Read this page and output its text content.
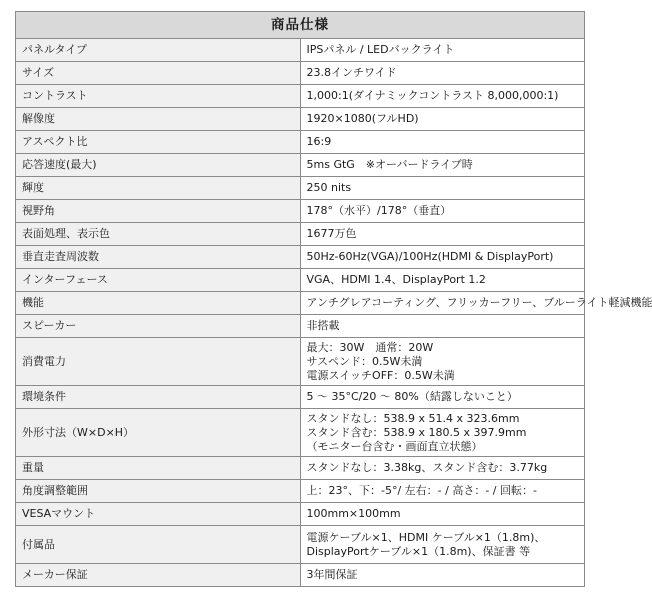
商品仕様	
パネルタイプ	IPSパネル / LEDバックライト

サイズ	23.8インチワイド

コントラスト	1,000:1(ダイナミックコントラスト 8,000,000:1)

解像度	1920×1080(フルHD)

アスペクト比	16:9

応答速度(最大)	5ms GtG　※オーバードライブ時

輝度	250 nits

視野角	178°（水平）/178°（垂直）

表面処理、表示色	1677万色

垂直走査周波数	50Hz-60Hz(VGA)/100Hz(HDMI & DisplayPort)

インターフェース	VGA、HDMI 1.4、DisplayPort 1.2

機能	アンチグレアコーティング、フリッカーフリー、ブルーライト軽減機能

スピーカー	非搭載

消費電力	最大：30W　通常：20W
サスペンド：0.5W未満
電源スイッチOFF：0.5W未満

環境条件	5 ～ 35°C/20 ～ 80%（結露しないこと）

外形寸法（W×D×H）	スタンドなし：538.9 x 51.4 x 323.6mm
スタンド含む：538.9 x 180.5 x 397.9mm
（モニター台含む・画面直立状態）

重量	スタンドなし：3.38kg、スタンド含む：3.77kg

角度調整範囲	上：23°、下：-5°/ 左右：- / 高さ：- / 回転：-

VESAマウント	100mm×100mm

付属品	電源ケーブル×1、HDMI ケーブル×1（1.8m)、
DisplayPortケーブル×1（1.8m)、保証書 等

メーカー保証	3年間保証
